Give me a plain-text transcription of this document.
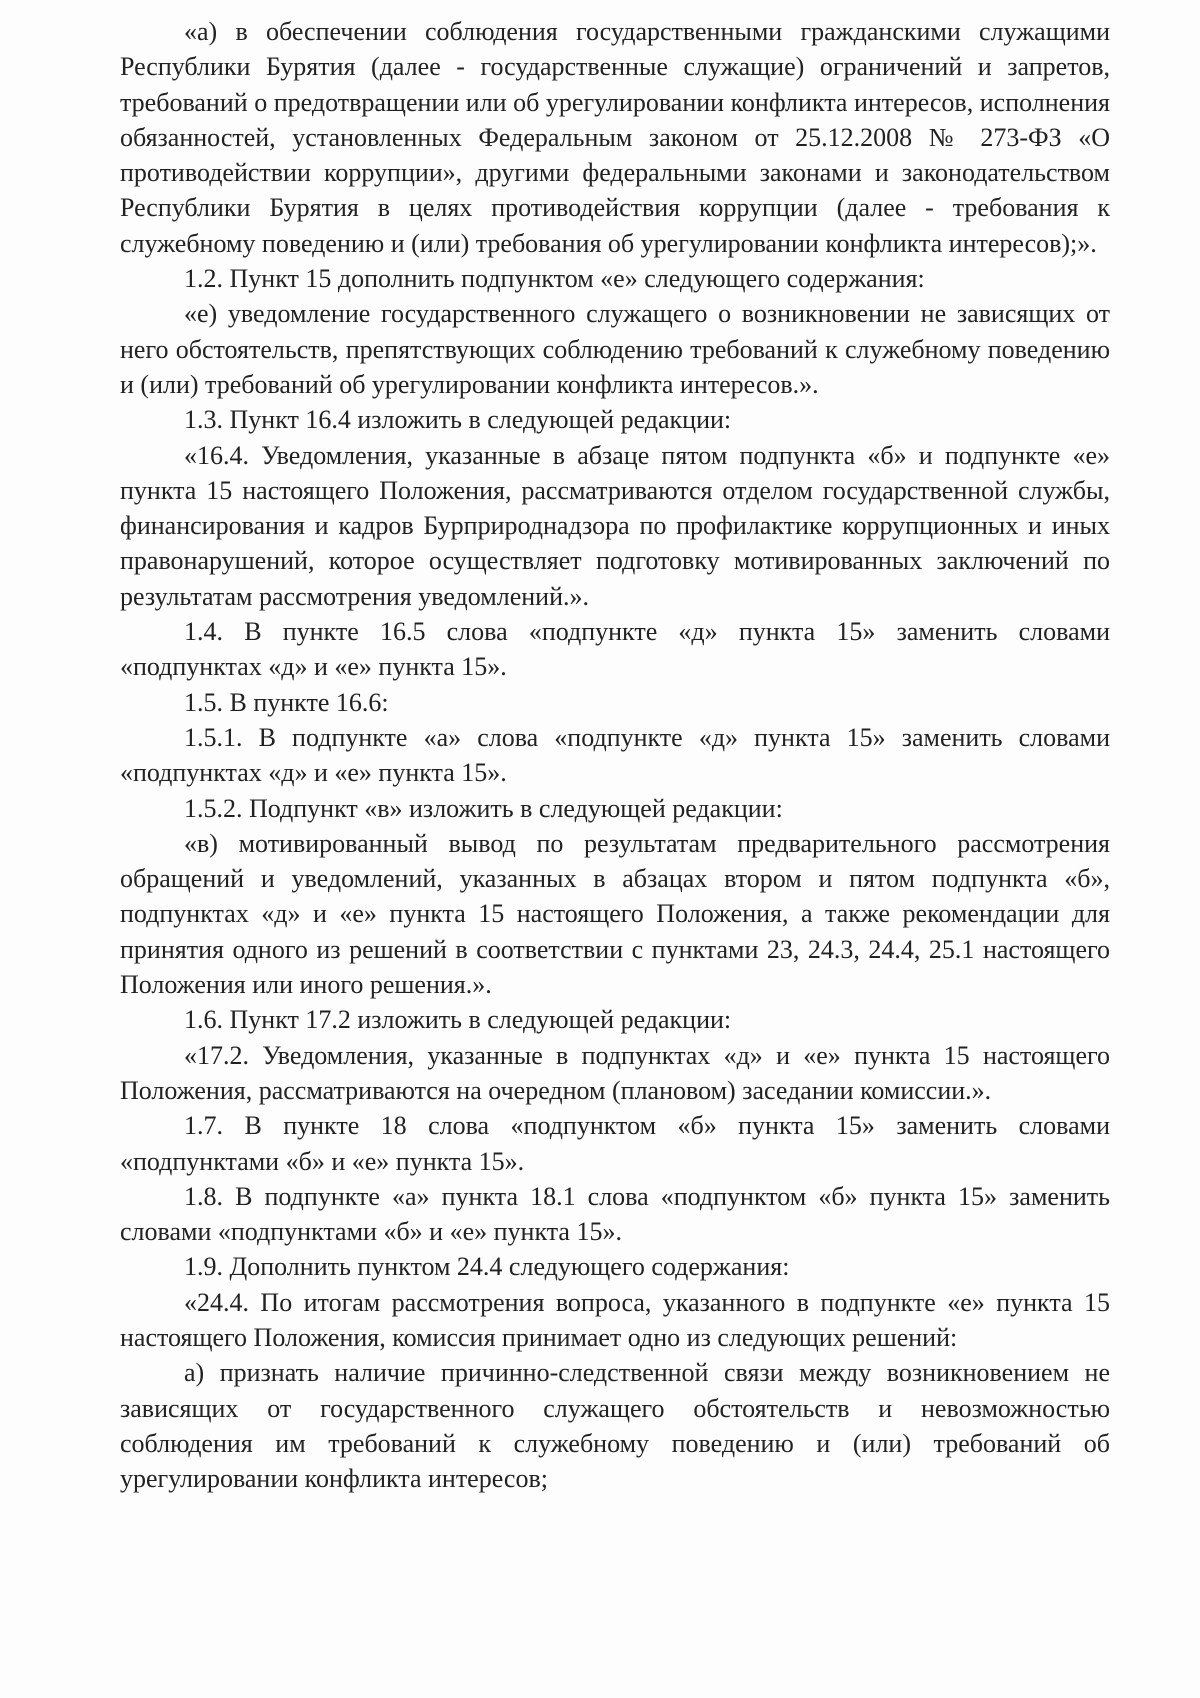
«а) в обеспечении соблюдения государственными гражданскими служащими Республики Бурятия (далее - государственные служащие) ограничений и запретов, требований о предотвращении или об урегулировании конфликта интересов, исполнения обязанностей, установленных Федеральным законом от 25.12.2008 № 273-ФЗ «О противодействии коррупции», другими федеральными законами и законодательством Республики Бурятия в целях противодействия коррупции (далее - требования к служебному поведению и (или) требования об урегулировании конфликта интересов);».

1.2. Пункт 15 дополнить подпунктом «е» следующего содержания:

«е) уведомление государственного служащего о возникновении не зависящих от него обстоятельств, препятствующих соблюдению требований к служебному поведению и (или) требований об урегулировании конфликта интересов.».

1.3. Пункт 16.4 изложить в следующей редакции:

«16.4. Уведомления, указанные в абзаце пятом подпункта «б» и подпункте «е» пункта 15 настоящего Положения, рассматриваются отделом государственной службы, финансирования и кадров Бурприроднадзора по профилактике коррупционных и иных правонарушений, которое осуществляет подготовку мотивированных заключений по результатам рассмотрения уведомлений.».

1.4. В пункте 16.5 слова «подпункте «д» пункта 15» заменить словами «подпунктах «д» и «е» пункта 15».

1.5. В пункте 16.6:

1.5.1. В подпункте «а» слова «подпункте «д» пункта 15» заменить словами «подпунктах «д» и «е» пункта 15».

1.5.2. Подпункт «в» изложить в следующей редакции:

«в) мотивированный вывод по результатам предварительного рассмотрения обращений и уведомлений, указанных в абзацах втором и пятом подпункта «б», подпунктах «д» и «е» пункта 15 настоящего Положения, а также рекомендации для принятия одного из решений в соответствии с пунктами 23, 24.3, 24.4, 25.1 настоящего Положения или иного решения.».

1.6. Пункт 17.2 изложить в следующей редакции:

«17.2. Уведомления, указанные в подпунктах «д» и «е» пункта 15 настоящего Положения, рассматриваются на очередном (плановом) заседании комиссии.».

1.7. В пункте 18 слова «подпунктом «б» пункта 15» заменить словами «подпунктами «б» и «е» пункта 15».

1.8. В подпункте «а» пункта 18.1 слова «подпунктом «б» пункта 15» заменить словами «подпунктами «б» и «е» пункта 15».

1.9. Дополнить пунктом 24.4 следующего содержания:

«24.4. По итогам рассмотрения вопроса, указанного в подпункте «е» пункта 15 настоящего Положения, комиссия принимает одно из следующих решений:

а) признать наличие причинно-следственной связи между возникновением не зависящих от государственного служащего обстоятельств и невозможностью соблюдения им требований к служебному поведению и (или) требований об урегулировании конфликта интересов;
